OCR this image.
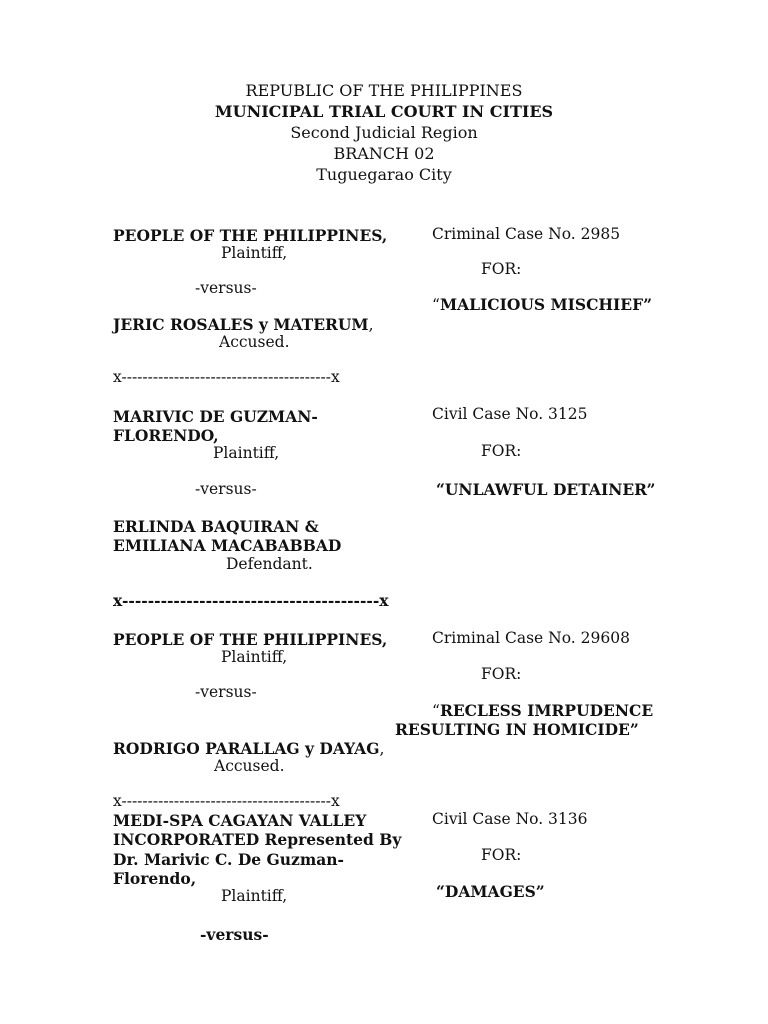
REPUBLIC OF THE PHILIPPINES
MUNICIPAL TRIAL COURT IN CITIES
Second Judicial Region
BRANCH 02
Tuguegarao City
PEOPLE OF THE PHILIPPINES,
Plaintiff,
-versus-
JERIC ROSALES y MATERUM,
Accused.
Criminal Case No. 2985
FOR:
“MALICIOUS MISCHIEF”
x----------------------------------------x
MARIVIC DE GUZMAN-
FLORENDO,
Plaintiff,
-versus-
ERLINDA BAQUIRAN &
EMILIANA MACABABBAD
Defendant.
Civil Case No. 3125
FOR:
“UNLAWFUL DETAINER”
x----------------------------------------x
PEOPLE OF THE PHILIPPINES,
Plaintiff,
-versus-
RODRIGO PARALLAG y DAYAG,
Accused.
Criminal Case No. 29608
FOR:
“RECLESS IMRPUDENCE
RESULTING IN HOMICIDE”
x----------------------------------------x
MEDI-SPA CAGAYAN VALLEY
INCORPORATED Represented By
Dr. Marivic C. De Guzman-
Florendo,
Plaintiff,
-versus-
Civil Case No. 3136
FOR:
“DAMAGES”
